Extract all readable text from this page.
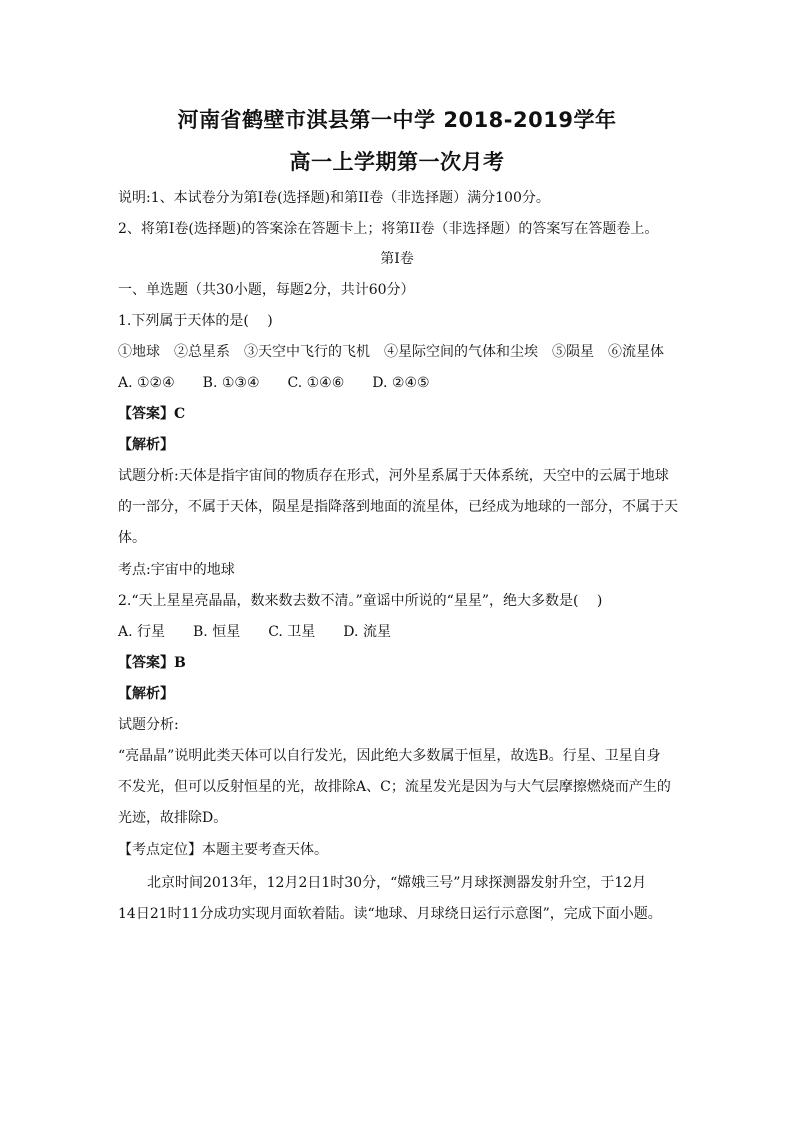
河南省鹤壁市淇县第一中学 2018-2019学年
高一上学期第一次月考
说明:1、本试卷分为第I卷(选择题)和第II卷（非选择题）满分100分。
2、将第I卷(选择题)的答案涂在答题卡上；将第II卷（非选择题）的答案写在答题卷上。
第I卷
一、单选题（共30小题，每题2分，共计60分）
1.下列属于天体的是(　 )
①地球　②总星系　③天空中飞行的飞机　④星际空间的气体和尘埃　⑤陨星　⑥流星体
A. ①②④　　B. ①③④　　C. ①④⑥　　D. ②④⑤
【答案】C
【解析】
试题分析:天体是指宇宙间的物质存在形式，河外星系属于天体系统，天空中的云属于地球
的一部分，不属于天体，陨星是指降落到地面的流星体，已经成为地球的一部分，不属于天
体。
考点:宇宙中的地球
2.“天上星星亮晶晶，数来数去数不清。”童谣中所说的“星星”，绝大多数是(　 )
A. 行星　　B. 恒星　　C. 卫星　　D. 流星
【答案】B
【解析】
试题分析:
“亮晶晶”说明此类天体可以自行发光，因此绝大多数属于恒星，故选B。行星、卫星自身
不发光，但可以反射恒星的光，故排除A、C；流星发光是因为与大气层摩擦燃烧而产生的
光迹，故排除D。
【考点定位】本题主要考查天体。
北京时间2013年，12月2日1时30分，“嫦娥三号”月球探测器发射升空，于12月
14日21时11分成功实现月面软着陆。读“地球、月球绕日运行示意图”，完成下面小题。
